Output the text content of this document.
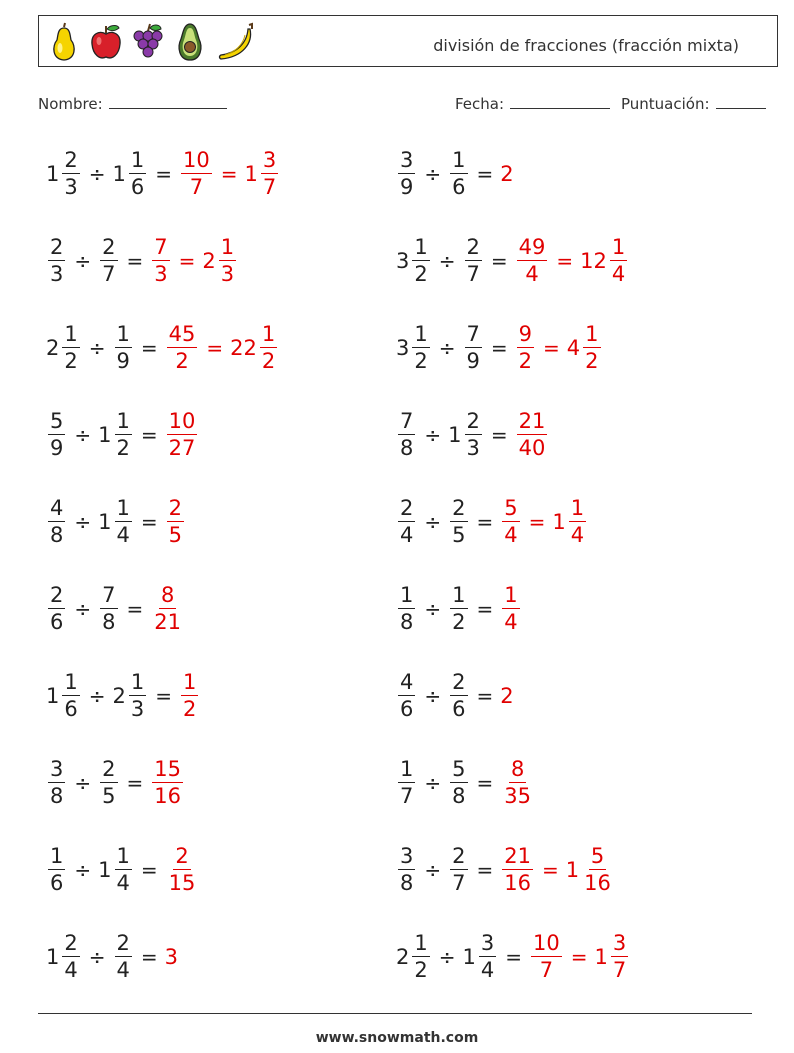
división de fracciones (fracción mixta)
Nombre:	Fecha:	Puntuación:
$1 \frac{2}{3} \div 1 \frac{1}{6} = \frac{10}{7} = 1 \frac{3}{7}$	$\frac{3}{9} \div \frac{1}{6} = 2$
$\frac{2}{3} \div \frac{2}{7} = \frac{7}{3} = 2 \frac{1}{3}$	$3 \frac{1}{2} \div \frac{2}{7} = \frac{49}{4} = 12 \frac{1}{4}$
$2 \frac{1}{2} \div \frac{1}{9} = \frac{45}{2} = 22 \frac{1}{2}$	$3 \frac{1}{2} \div \frac{7}{9} = \frac{9}{2} = 4 \frac{1}{2}$
$\frac{5}{9} \div 1 \frac{1}{2} = \frac{10}{27}$	$\frac{7}{8} \div 1 \frac{2}{3} = \frac{21}{40}$
$\frac{4}{8} \div 1 \frac{1}{4} = \frac{2}{5}$	$\frac{2}{4} \div \frac{2}{5} = \frac{5}{4} = 1 \frac{1}{4}$
$\frac{2}{6} \div \frac{7}{8} = \frac{8}{21}$	$\frac{1}{8} \div \frac{1}{2} = \frac{1}{4}$
$1 \frac{1}{6} \div 2 \frac{1}{3} = \frac{1}{2}$	$\frac{4}{6} \div \frac{2}{6} = 2$
$\frac{3}{8} \div \frac{2}{5} = \frac{15}{16}$	$\frac{1}{7} \div \frac{5}{8} = \frac{8}{35}$
$\frac{1}{6} \div 1 \frac{1}{4} = \frac{2}{15}$	$\frac{3}{8} \div \frac{2}{7} = \frac{21}{16} = 1 \frac{5}{16}$
$1 \frac{2}{4} \div \frac{2}{4} = 3$	$2 \frac{1}{2} \div 1 \frac{3}{4} = \frac{10}{7} = 1 \frac{3}{7}$
www.snowmath.com
